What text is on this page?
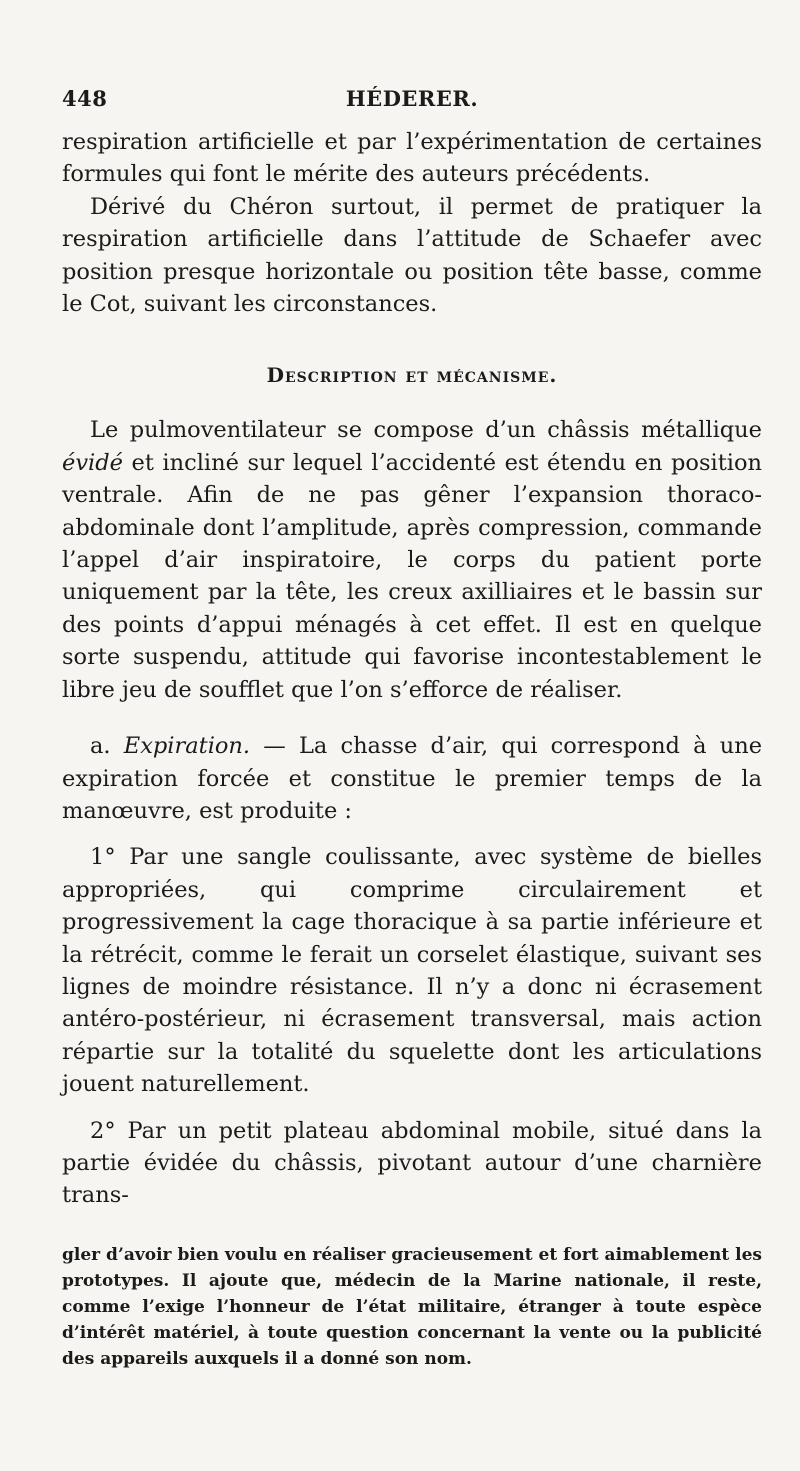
448	HÉDERER.

respiration artificielle et par l’expérimentation de certaines formules qui font le mérite des auteurs précédents.

Dérivé du Chéron surtout, il permet de pratiquer la respiration artificielle dans l’attitude de Schaefer avec position presque horizontale ou position tête basse, comme le Cot, suivant les circonstances.

Description et mécanisme.

Le pulmoventilateur se compose d’un châssis métallique évidé et incliné sur lequel l’accidenté est étendu en position ventrale. Afin de ne pas gêner l’expansion thoraco-abdominale dont l’amplitude, après compression, commande l’appel d’air inspiratoire, le corps du patient porte uniquement par la tête, les creux axilliaires et le bassin sur des points d’appui ménagés à cet effet. Il est en quelque sorte suspendu, attitude qui favorise incontestablement le libre jeu de soufflet que l’on s’efforce de réaliser.

a. Expiration. — La chasse d’air, qui correspond à une expiration forcée et constitue le premier temps de la manœuvre, est produite :

1° Par une sangle coulissante, avec système de bielles appropriées, qui comprime circulairement et progressivement la cage thoracique à sa partie inférieure et la rétrécit, comme le ferait un corselet élastique, suivant ses lignes de moindre résistance. Il n’y a donc ni écrasement antéro-postérieur, ni écrasement transversal, mais action répartie sur la totalité du squelette dont les articulations jouent naturellement.

2° Par un petit plateau abdominal mobile, situé dans la partie évidée du châssis, pivotant autour d’une charnière trans-

gler d’avoir bien voulu en réaliser gracieusement et fort aimablement les prototypes. Il ajoute que, médecin de la Marine nationale, il reste, comme l’exige l’honneur de l’état militaire, étranger à toute espèce d’intérêt matériel, à toute question concernant la vente ou la publicité des appareils auxquels il a donné son nom.
